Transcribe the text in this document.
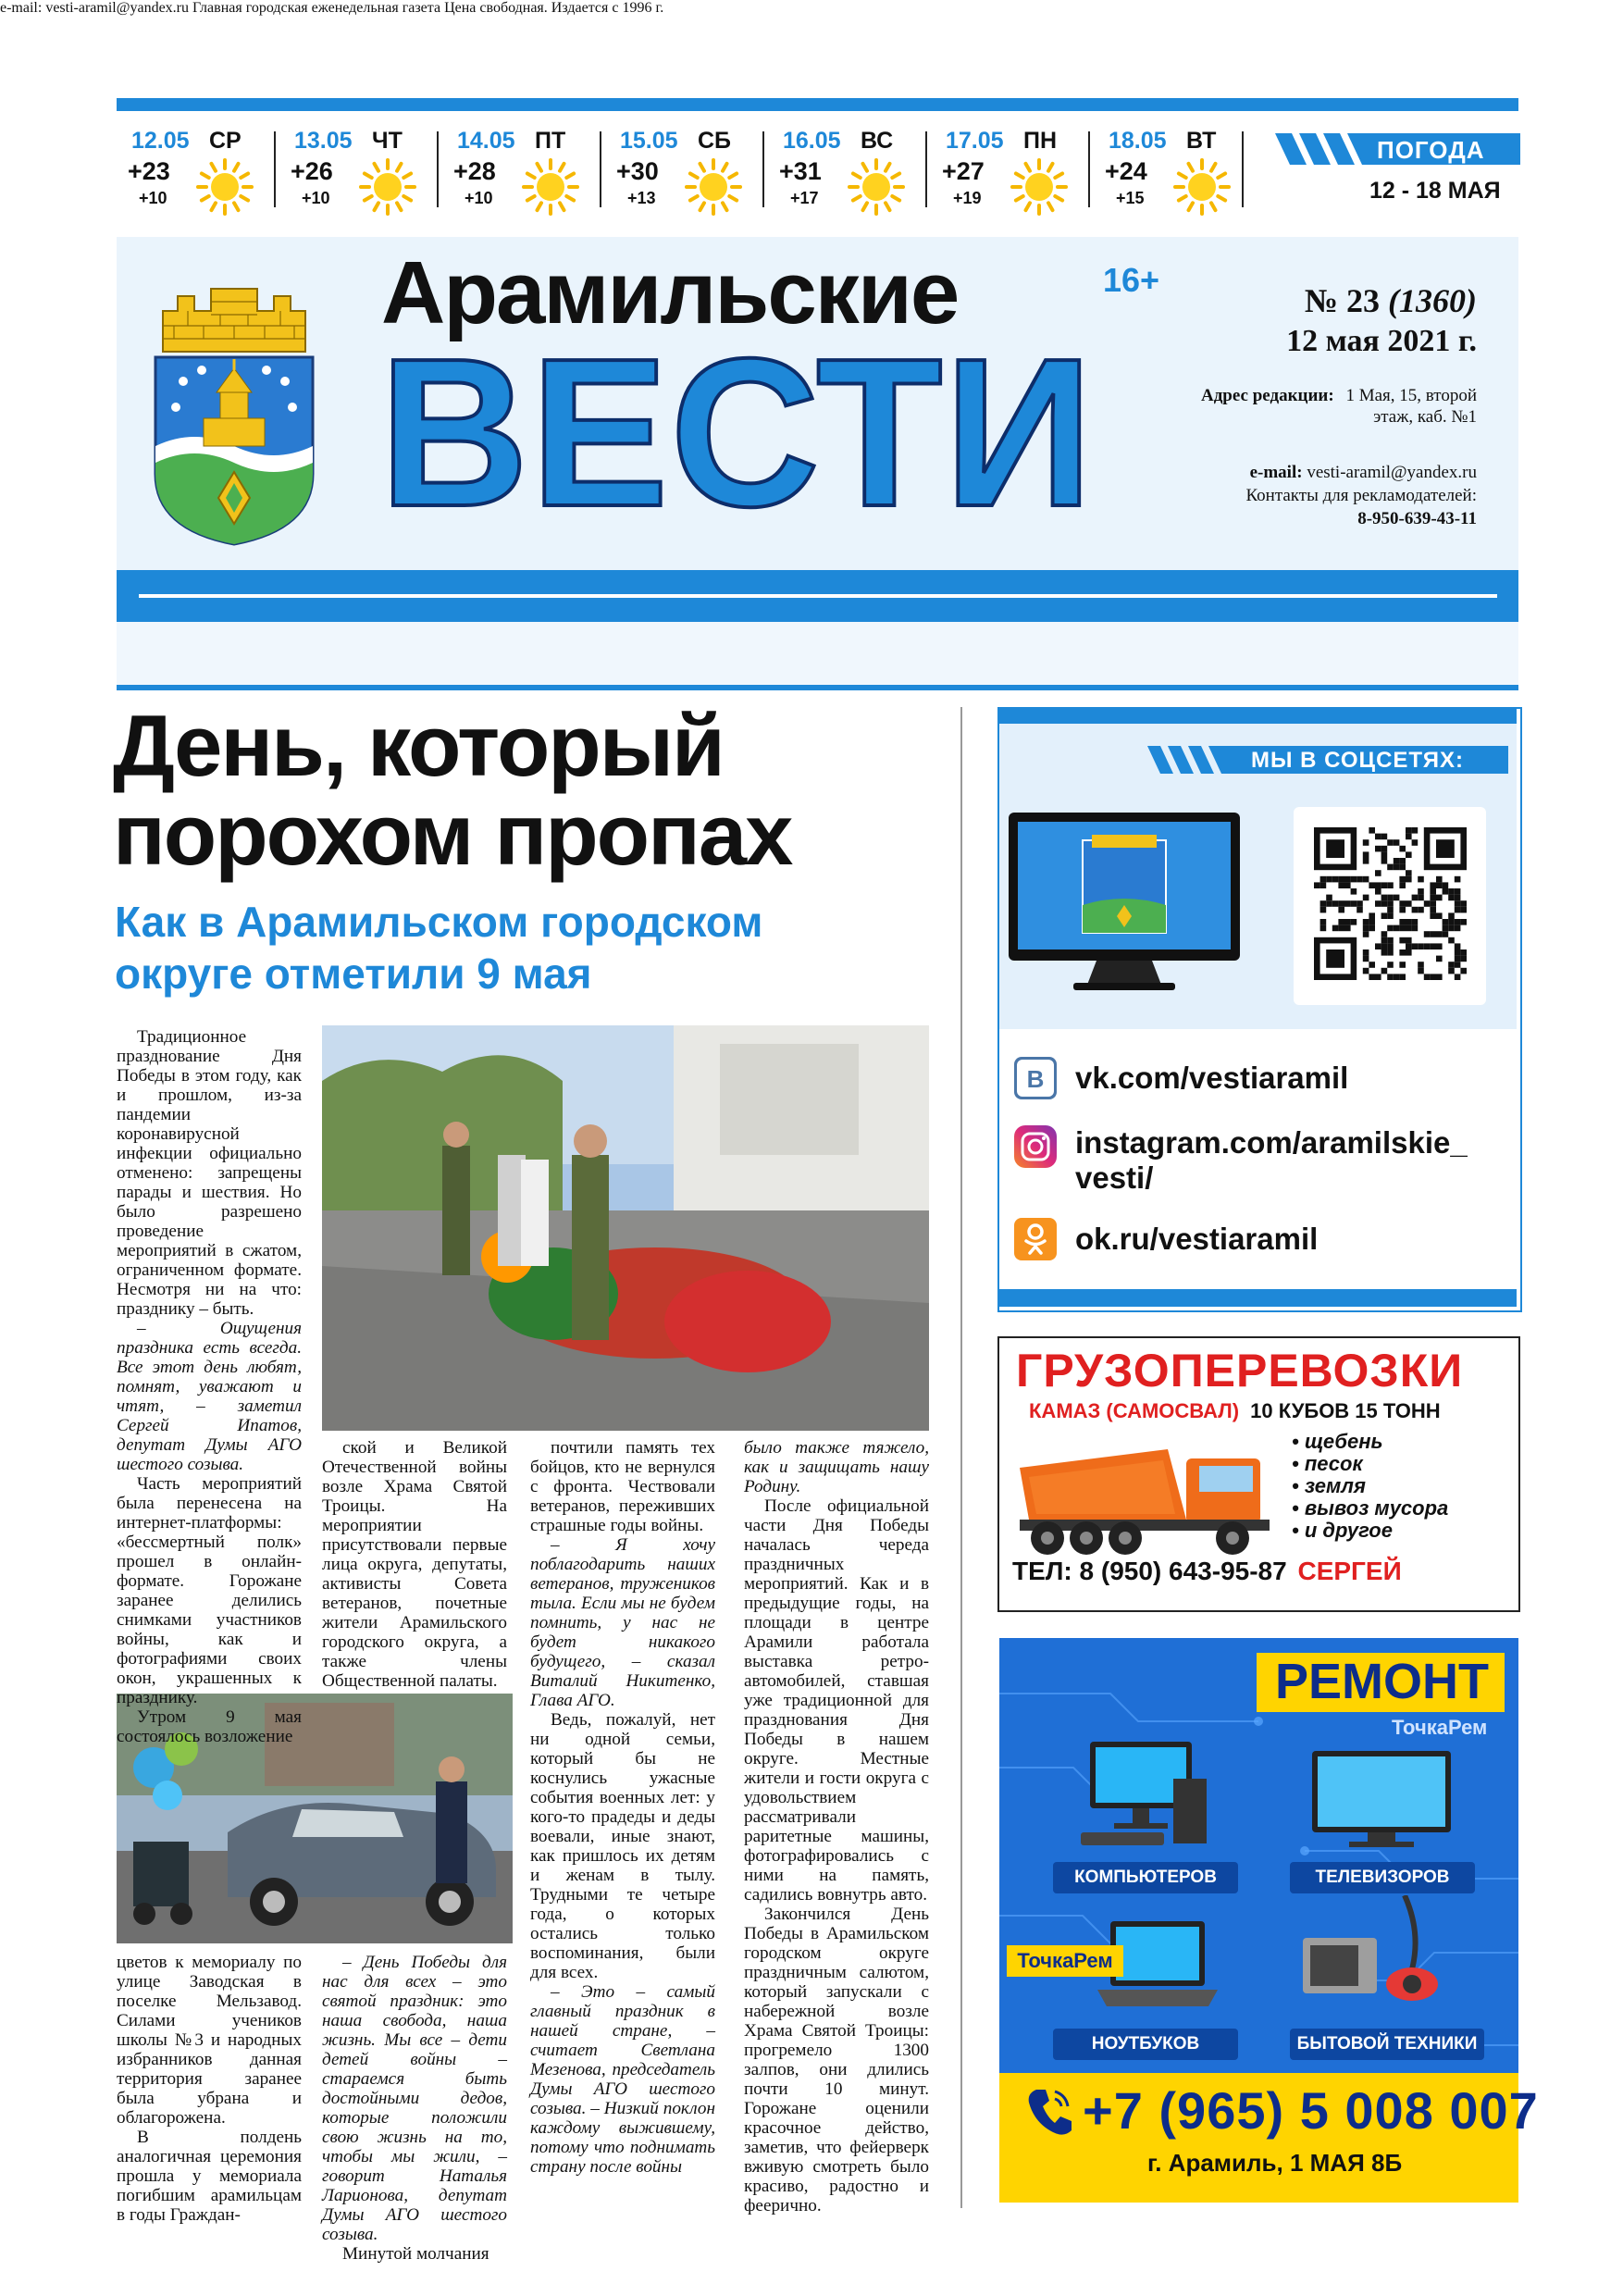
12.05 СР
+23
+10
13.05 ЧТ
+26
+10
14.05 ПТ
+28
+10
15.05 СБ
+30
+13
16.05 ВС
+31
+17
17.05 ПН
+27
+19
18.05 ВТ
+24
+15
ПОГОДА
12 - 18 МАЯ
Арамильские
ВЕСТИ
16+
№ 23 (1360)
12 мая 2021 г.
Адрес редакции: 1 Мая, 15, второй
этаж, каб. №1
e-mail: vesti-aramil@yandex.ru
Контакты для рекламодателей:
8-950-639-43-11
e-mail: vesti-aramil@yandex.ru Главная городская еженедельная газета Цена свободная. Издается с 1996 г.
День, который
порохом пропах
Как в Арамильском городском
округе отметили 9 мая

Традиционное празднование Дня Победы в этом году, как и прошлом, из-за пандемии коронавирусной инфекции официально отменено: запрещены парады и шествия. Но было разрешено проведение мероприятий в сжатом, ограниченном формате. Несмотря ни на что: празднику – быть.

– Ощущения праздника есть всегда. Все этот день любят, помнят, уважают и чтят, – заметил Сергей Ипатов, депутат Думы АГО шестого созыва.

Часть мероприятий была перенесена на интернет-платформы: «бессмертный полк» прошел в онлайн-формате. Горожане заранее делились снимками участников войны, как и фотографиями своих окон, украшенных к празднику.

Утром 9 мая состоялось возложение

ской и Великой Отечественной войны возле Храма Святой Троицы. На мероприятии присутствовали первые лица округа, депутаты, активисты Совета ветеранов, почетные жители Арамильского городского округа, а также члены Общественной палаты.

почтили память тех бойцов, кто не вернулся с фронта. Чествовали ветеранов, переживших страшные годы войны.

– Я хочу поблагодарить наших ветеранов, тружеников тыла. Если мы не будем помнить, у нас не будет никакого будущего, – сказал Виталий Никитенко, Глава АГО.

Ведь, пожалуй, нет ни одной семьи, который бы не коснулись ужасные события военных лет: у кого-то прадеды и деды воевали, иные знают, как пришлось их детям и женам в тылу. Трудными те четыре года, о которых остались только воспоминания, были для всех.

– Это – самый главный праздник в нашей стране, – считает Светлана Мезенова, председатель Думы АГО шестого созыва. – Низкий поклон каждому выжившему, потому что поднимать страну после войны

было также тяжело, как и защищать нашу Родину.

После официальной части Дня Победы началась череда праздничных мероприятий. Как и в предыдущие годы, на площади в центре Арамили работала выставка ретро-автомобилей, ставшая уже традиционной для празднования Дня Победы в нашем округе. Местные жители и гости округа с удовольствием рассматривали раритетные машины, фотографировались с ними на память, садились вовнутрь авто.

Закончился День Победы в Арамильском городском округе праздничным салютом, который запускали с набережной возле Храма Святой Троицы: прогремело 1300 залпов, они длились почти 10 минут. Горожане оценили красочное действо, заметив, что фейерверк вживую смотреть было красиво, радостно и феерично.

цветов к мемориалу по улице Заводская в поселке Мельзавод. Силами учеников школы №3 и народных избранников данная территория заранее была убрана и облагорожена.

В полдень аналогичная церемония прошла у мемориала погибшим арамильцам в годы Граждан-

– День Победы для нас для всех – это святой праздник: это наша свобода, наша жизнь. Мы все – дети детей войны – стараемся быть достойными дедов, которые положили свою жизнь на то, чтобы мы жили, – говорит Наталья Ларионова, депутат Думы АГО шестого созыва.

Минутой молчания

МЫ В СОЦСЕТЯХ:
В vk.com/vestiaramil
instagram.com/aramilskie_
vesti/
ok.ru/vestiaramil
ГРУЗОПЕРЕВОЗКИ
КАМАЗ (САМОСВАЛ) 10 КУБОВ 15 ТОНН
• щебень
• песок
• земля
• вывоз мусора
• и другое
ТЕЛ: 8 (950) 643-95-87 СЕРГЕЙ
РЕМОНТ
ТочкаРем
КОМПЬЮТЕРОВ	ТЕЛЕВИЗОРОВ
НОУТБУКОВ	БЫТОВОЙ ТЕХНИКИ
ТочкаРем
+7 (965) 5 008 007
г. Арамиль, 1 МАЯ 8Б
